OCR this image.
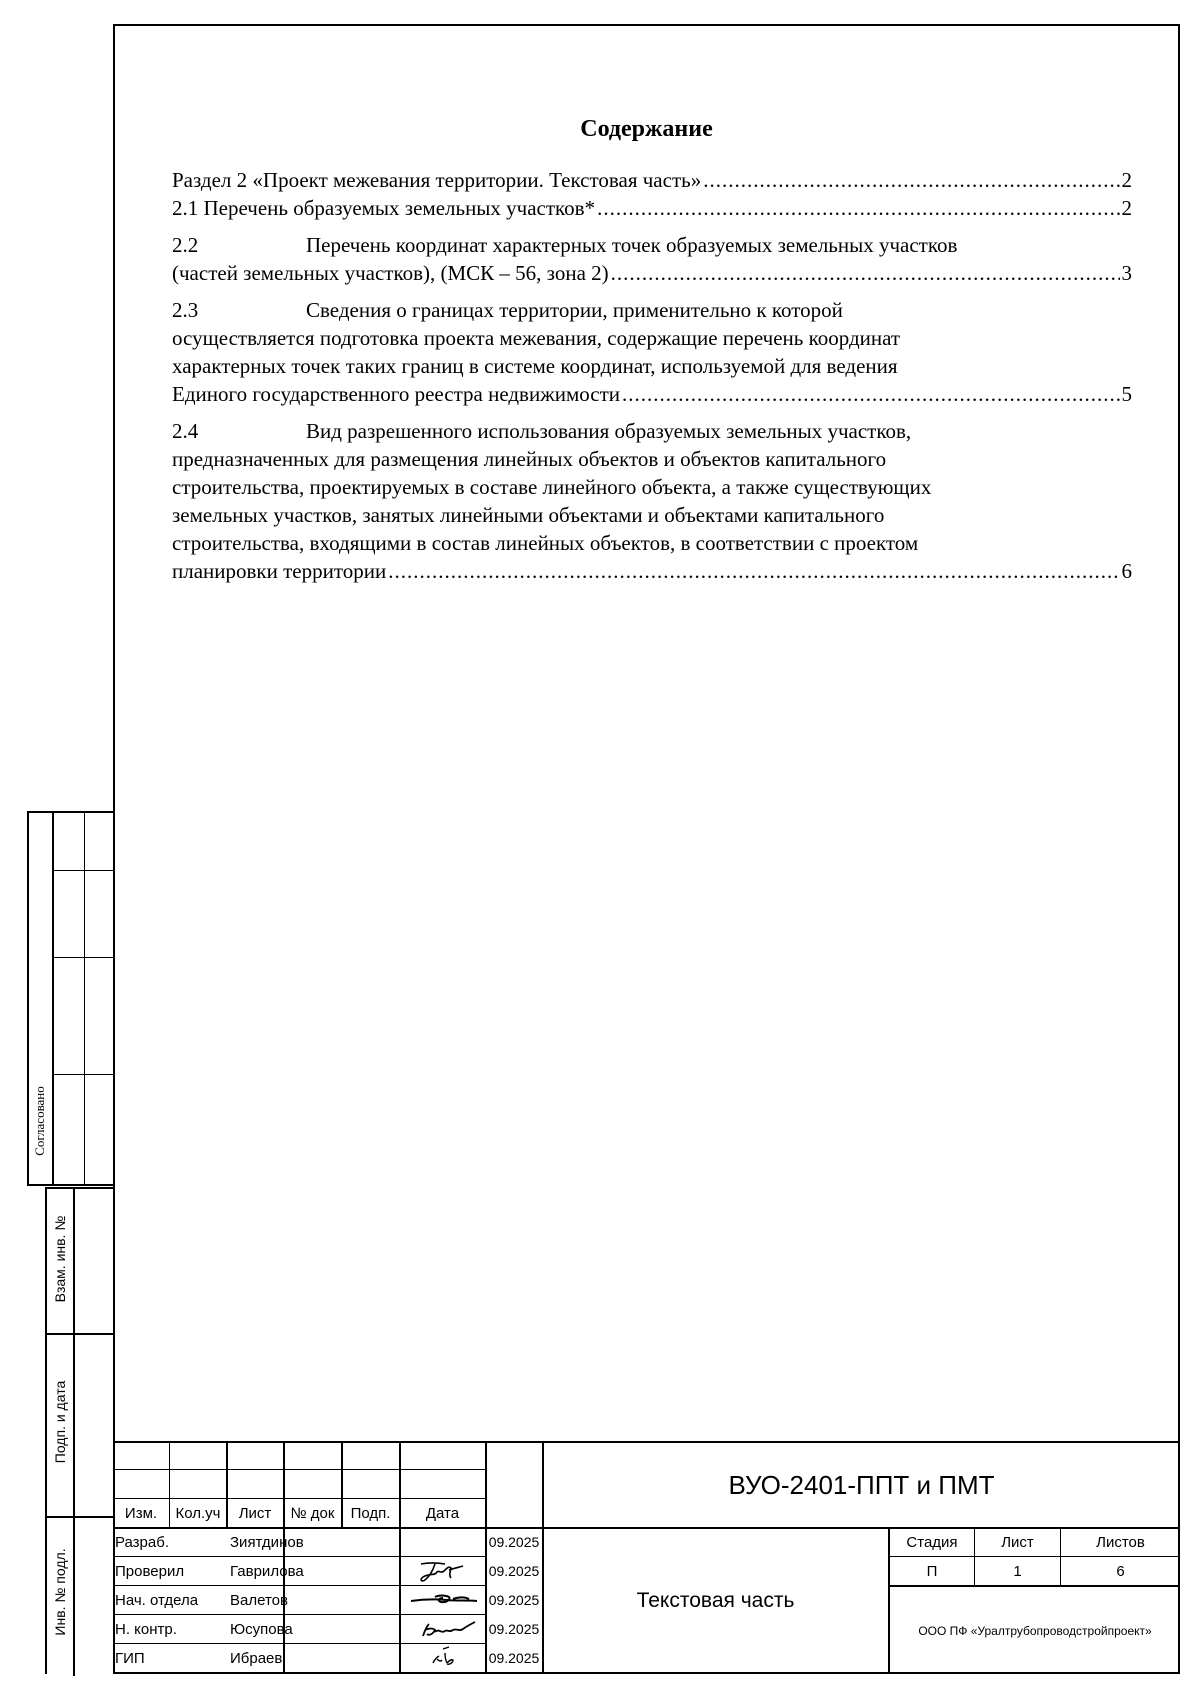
Содержание
Раздел 2 «Проект межевания территории. Текстовая часть» .....	2
2.1 Перечень образуемых земельных участков* .....	2
2.2	Перечень координат характерных точек образуемых земельных участков
(частей земельных участков), (МСК – 56, зона 2) .....	3
2.3	Сведения о границах территории, применительно к которой
осуществляется подготовка проекта межевания, содержащие перечень координат
характерных точек таких границ в системе координат, используемой для ведения
Единого государственного реестра недвижимости .....	5
2.4	Вид разрешенного использования образуемых земельных участков,
предназначенных для размещения линейных объектов и объектов капитального
строительства, проектируемых в составе линейного объекта, а также существующих
земельных участков, занятых линейными объектами и объектами капитального
строительства, входящими в состав линейных объектов, в соответствии с проектом
планировки территории .....	6
Согласовано
Взам. инв. №
Подп. и дата
Инв. № подл.
Изм.	Кол.уч	Лист	№ док	Подп.	Дата
ВУО-2401-ППТ и ПМТ
Разраб.	Зиятдинов	09.2025
Проверил	Гаврилова	09.2025
Нач. отдела	Валетов	09.2025
Н. контр.	Юсупова	09.2025
ГИП	Ибраев	09.2025
Текстовая часть
Стадия	Лист	Листов
П	1	6
ООО ПФ «Уралтрубопроводстройпроект»
